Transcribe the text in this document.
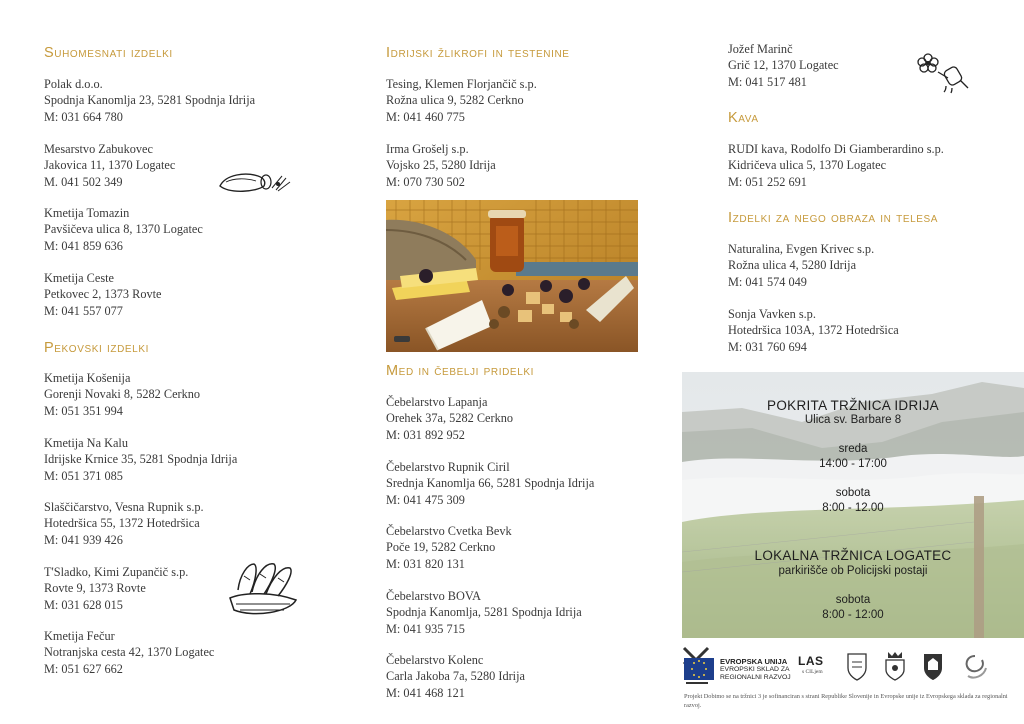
Suhomesnati izdelki
Polak d.o.o.
Spodnja Kanomlja 23, 5281 Spodnja Idrija
M: 031 664 780
Mesarstvo Zabukovec
Jakovica 11, 1370 Logatec
M. 041 502 349
Kmetija Tomazin
Pavšičeva ulica 8, 1370 Logatec
M: 041 859 636
Kmetija Ceste
Petkovec 2, 1373 Rovte
M: 041 557 077
Pekovski izdelki
Kmetija Košenija
Gorenji Novaki 8, 5282 Cerkno
M: 051 351 994
Kmetija Na Kalu
Idrijske Krnice 35, 5281 Spodnja Idrija
M: 051 371 085
Slaščičarstvo, Vesna Rupnik s.p.
Hotedršica 55, 1372 Hotedršica
M: 041 939 426
T'Sladko, Kimi Zupančič s.p.
Rovte 9, 1373 Rovte
M: 031 628 015
Kmetija Fečur
Notranjska cesta 42, 1370 Logatec
M: 051 627 662
Idrijski žlikrofi in testenine
Tesing, Klemen Florjančič s.p.
Rožna ulica 9, 5282 Cerkno
M: 041 460 775
Irma Grošelj s.p.
Vojsko 25, 5280 Idrija
M: 070 730 502
Med in čebelji pridelki
Čebelarstvo Lapanja
Orehek 37a, 5282 Cerkno
M: 031 892 952
Čebelarstvo Rupnik Ciril
Srednja Kanomlja 66, 5281 Spodnja Idrija
M: 041 475 309
Čebelarstvo Cvetka Bevk
Poče 19, 5282 Cerkno
M: 031 820 131
Čebelarstvo BOVA
Spodnja Kanomlja, 5281 Spodnja Idrija
M: 041 935 715
Čebelarstvo Kolenc
Carla Jakoba 7a, 5280 Idrija
M: 041 468 121
Jožef Marinč
Grič 12, 1370 Logatec
M: 041 517 481
Kava
RUDI kava, Rodolfo Di Giamberardino s.p.
Kidričeva ulica 5, 1370 Logatec
M: 051 252 691
Izdelki za nego obraza in telesa
Naturalina, Evgen Krivec s.p.
Rožna ulica 4, 5280 Idrija
M: 041 574 049
Sonja Vavken s.p.
Hotedršica 103A, 1372 Hotedršica
M: 031 760 694
POKRITA TRŽNICA IDRIJA
Ulica sv. Barbare 8
sreda
14:00 - 17:00
sobota
8:00 - 12.00
LOKALNA TRŽNICA LOGATEC
parkirišče ob Policijski postaji
sobota
8:00 - 12:00
EVROPSKA UNIJA
EVROPSKI SKLAD ZA
REGIONALNI RAZVOJ
LAS
s CILjem
Projekt Dobimo se na tržnici 3 je sofinanciran s strani Republike Slovenije in Evropske unije iz Evropskega sklada za regionalni razvoj.
